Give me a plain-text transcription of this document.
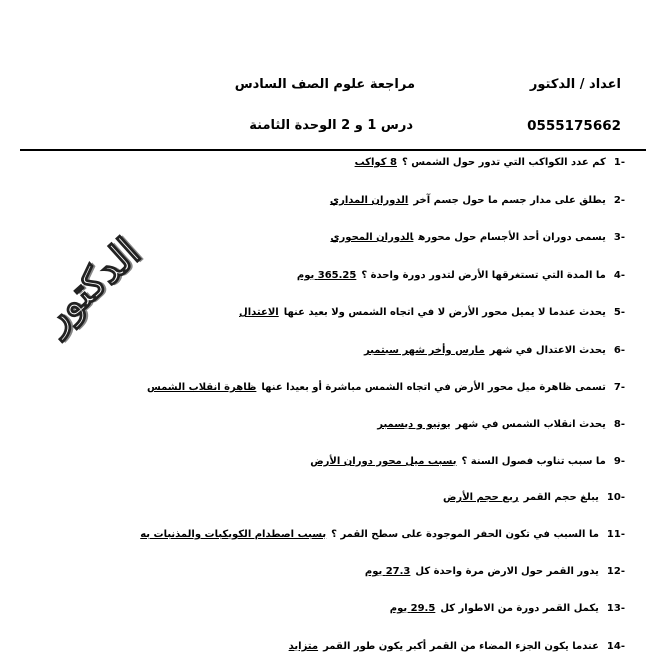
اعداد / الدكتور
0555175662
مراجعة علوم الصف السادس
درس 1 و 2 الوحدة الثامنة
الدكتور
-1كم عدد الكواكب التي تدور حول الشمس ؟8 كواكب
-2يطلق على مدار جسم ما حول جسم آخرالدوران المداري
-3يسمى دوران أحد الأجسام حول محورهالدوران المحوري
-4ما المدة التي تستغرقها الأرض لتدور دورة واحدة ؟365.25 يوم
-5يحدث عندما لا يميل محور الأرض لا في اتجاه الشمس ولا بعيد عنهاالاعتدال
-6يحدث الاعتدال في شهرمارس وأخر شهر سبتمبر
-7تسمى ظاهرة ميل محور الأرض في اتجاه الشمس مباشرة أو بعيدا عنهاظاهرة انقلاب الشمس
-8يحدث انقلاب الشمس في شهريونيو و ديسمبر
-9ما سبب تناوب فصول السنة ؟بسبب ميل محور دوران الأرض
-10يبلغ حجم القمرربع حجم الأرض
-11ما السبب في تكون الحفر الموجودة على سطح القمر ؟بسبب اصطدام الكويكبات والمذنبات به
-12يدور القمر حول الارض مرة واحدة كل27.3 يوم
-13يكمل القمر دورة من الاطوار كل29.5 يوم
-14عندما يكون الجزء المضاء من القمر أكبر يكون طور القمرمتزايد
